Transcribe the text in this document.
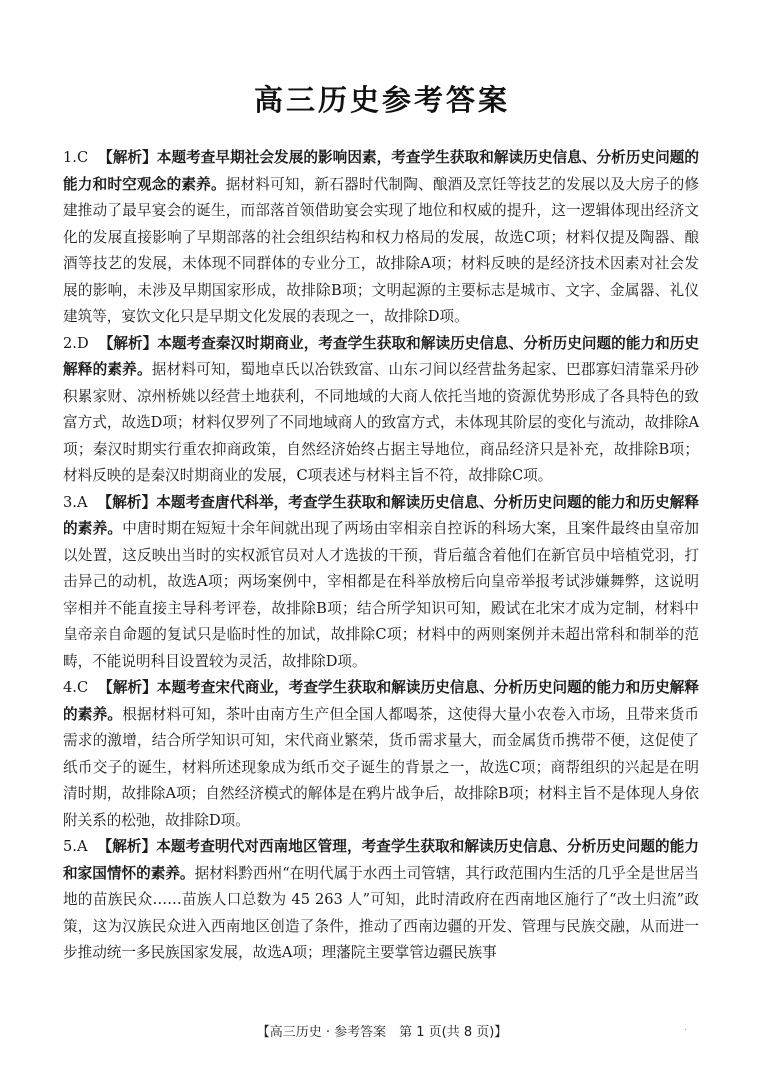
高三历史参考答案

1.C 【解析】本题考查早期社会发展的影响因素，考查学生获取和解读历史信息、分析历史问题的能力和时空观念的素养。据材料可知，新石器时代制陶、酿酒及烹饪等技艺的发展以及大房子的修建推动了最早宴会的诞生，而部落首领借助宴会实现了地位和权威的提升，这一逻辑体现出经济文化的发展直接影响了早期部落的社会组织结构和权力格局的发展，故选C项；材料仅提及陶器、酿酒等技艺的发展，未体现不同群体的专业分工，故排除A项；材料反映的是经济技术因素对社会发展的影响，未涉及早期国家形成，故排除B项；文明起源的主要标志是城市、文字、金属器、礼仪建筑等，宴饮文化只是早期文化发展的表现之一，故排除D项。

2.D 【解析】本题考查秦汉时期商业，考查学生获取和解读历史信息、分析历史问题的能力和历史解释的素养。据材料可知，蜀地卓氏以冶铁致富、山东刁间以经营盐务起家、巴郡寡妇清靠采丹砂积累家财、凉州桥姚以经营土地获利，不同地域的大商人依托当地的资源优势形成了各具特色的致富方式，故选D项；材料仅罗列了不同地域商人的致富方式，未体现其阶层的变化与流动，故排除A项；秦汉时期实行重农抑商政策，自然经济始终占据主导地位，商品经济只是补充，故排除B项；材料反映的是秦汉时期商业的发展，C项表述与材料主旨不符，故排除C项。

3.A 【解析】本题考查唐代科举，考查学生获取和解读历史信息、分析历史问题的能力和历史解释的素养。中唐时期在短短十余年间就出现了两场由宰相亲自控诉的科场大案，且案件最终由皇帝加以处置，这反映出当时的实权派官员对人才选拔的干预，背后蕴含着他们在新官员中培植党羽，打击异己的动机，故选A项；两场案例中，宰相都是在科举放榜后向皇帝举报考试涉嫌舞弊，这说明宰相并不能直接主导科考评卷，故排除B项；结合所学知识可知，殿试在北宋才成为定制，材料中皇帝亲自命题的复试只是临时性的加试，故排除C项；材料中的两则案例并未超出常科和制举的范畴，不能说明科目设置较为灵活，故排除D项。

4.C 【解析】本题考查宋代商业，考查学生获取和解读历史信息、分析历史问题的能力和历史解释的素养。根据材料可知，茶叶由南方生产但全国人都喝茶，这使得大量小农卷入市场，且带来货币需求的激增，结合所学知识可知，宋代商业繁荣，货币需求量大，而金属货币携带不便，这促使了纸币交子的诞生，材料所述现象成为纸币交子诞生的背景之一，故选C项；商帮组织的兴起是在明清时期，故排除A项；自然经济模式的解体是在鸦片战争后，故排除B项；材料主旨不是体现人身依附关系的松弛，故排除D项。

5.A 【解析】本题考查明代对西南地区管理，考查学生获取和解读历史信息、分析历史问题的能力和家国情怀的素养。据材料黔西州“在明代属于水西土司管辖，其行政范围内生活的几乎全是世居当地的苗族民众……苗族人口总数为 45 263 人”可知，此时清政府在西南地区施行了“改土归流”政策，这为汉族民众进入西南地区创造了条件，推动了西南边疆的开发、管理与民族交融，从而进一步推动统一多民族国家发展，故选A项；理藩院主要掌管边疆民族事

【高三历史 · 参考答案　第 1 页(共 8 页)】	.
